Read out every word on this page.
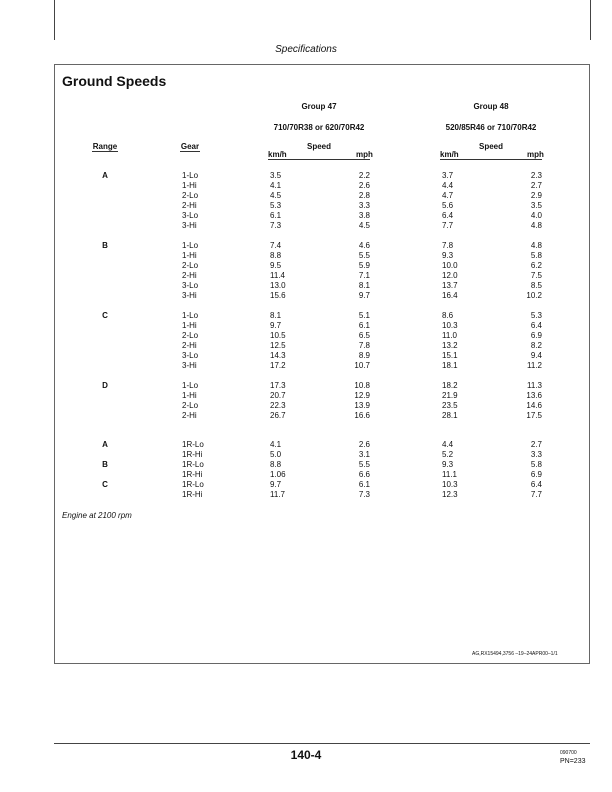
Specifications
Ground Speeds
Group 47	Group 48
710/70R38 or 620/70R42	520/85R46 or 710/70R42
Range	Gear	Speed	Speed
km/h	mph	km/h	mph
A	1-Lo	3.5	2.2	3.7	2.3
1-Hi	4.1	2.6	4.4	2.7
2-Lo	4.5	2.8	4.7	2.9
2-Hi	5.3	3.3	5.6	3.5
3-Lo	6.1	3.8	6.4	4.0
3-Hi	7.3	4.5	7.7	4.8
B	1-Lo	7.4	4.6	7.8	4.8
1-Hi	8.8	5.5	9.3	5.8
2-Lo	9.5	5.9	10.0	6.2
2-Hi	11.4	7.1	12.0	7.5
3-Lo	13.0	8.1	13.7	8.5
3-Hi	15.6	9.7	16.4	10.2
C	1-Lo	8.1	5.1	8.6	5.3
1-Hi	9.7	6.1	10.3	6.4
2-Lo	10.5	6.5	11.0	6.9
2-Hi	12.5	7.8	13.2	8.2
3-Lo	14.3	8.9	15.1	9.4
3-Hi	17.2	10.7	18.1	11.2
D	1-Lo	17.3	10.8	18.2	11.3
1-Hi	20.7	12.9	21.9	13.6
2-Lo	22.3	13.9	23.5	14.6
2-Hi	26.7	16.6	28.1	17.5
A	1R-Lo	4.1	2.6	4.4	2.7
1R-Hi	5.0	3.1	5.2	3.3
B	1R-Lo	8.8	5.5	9.3	5.8
1R-Hi	1.06	6.6	11.1	6.9
C	1R-Lo	9.7	6.1	10.3	6.4
1R-Hi	11.7	7.3	12.3	7.7
Engine at 2100 rpm
AG,RX15494,3756 –19–24APR00–1/1
140-4	090700
PN=233
